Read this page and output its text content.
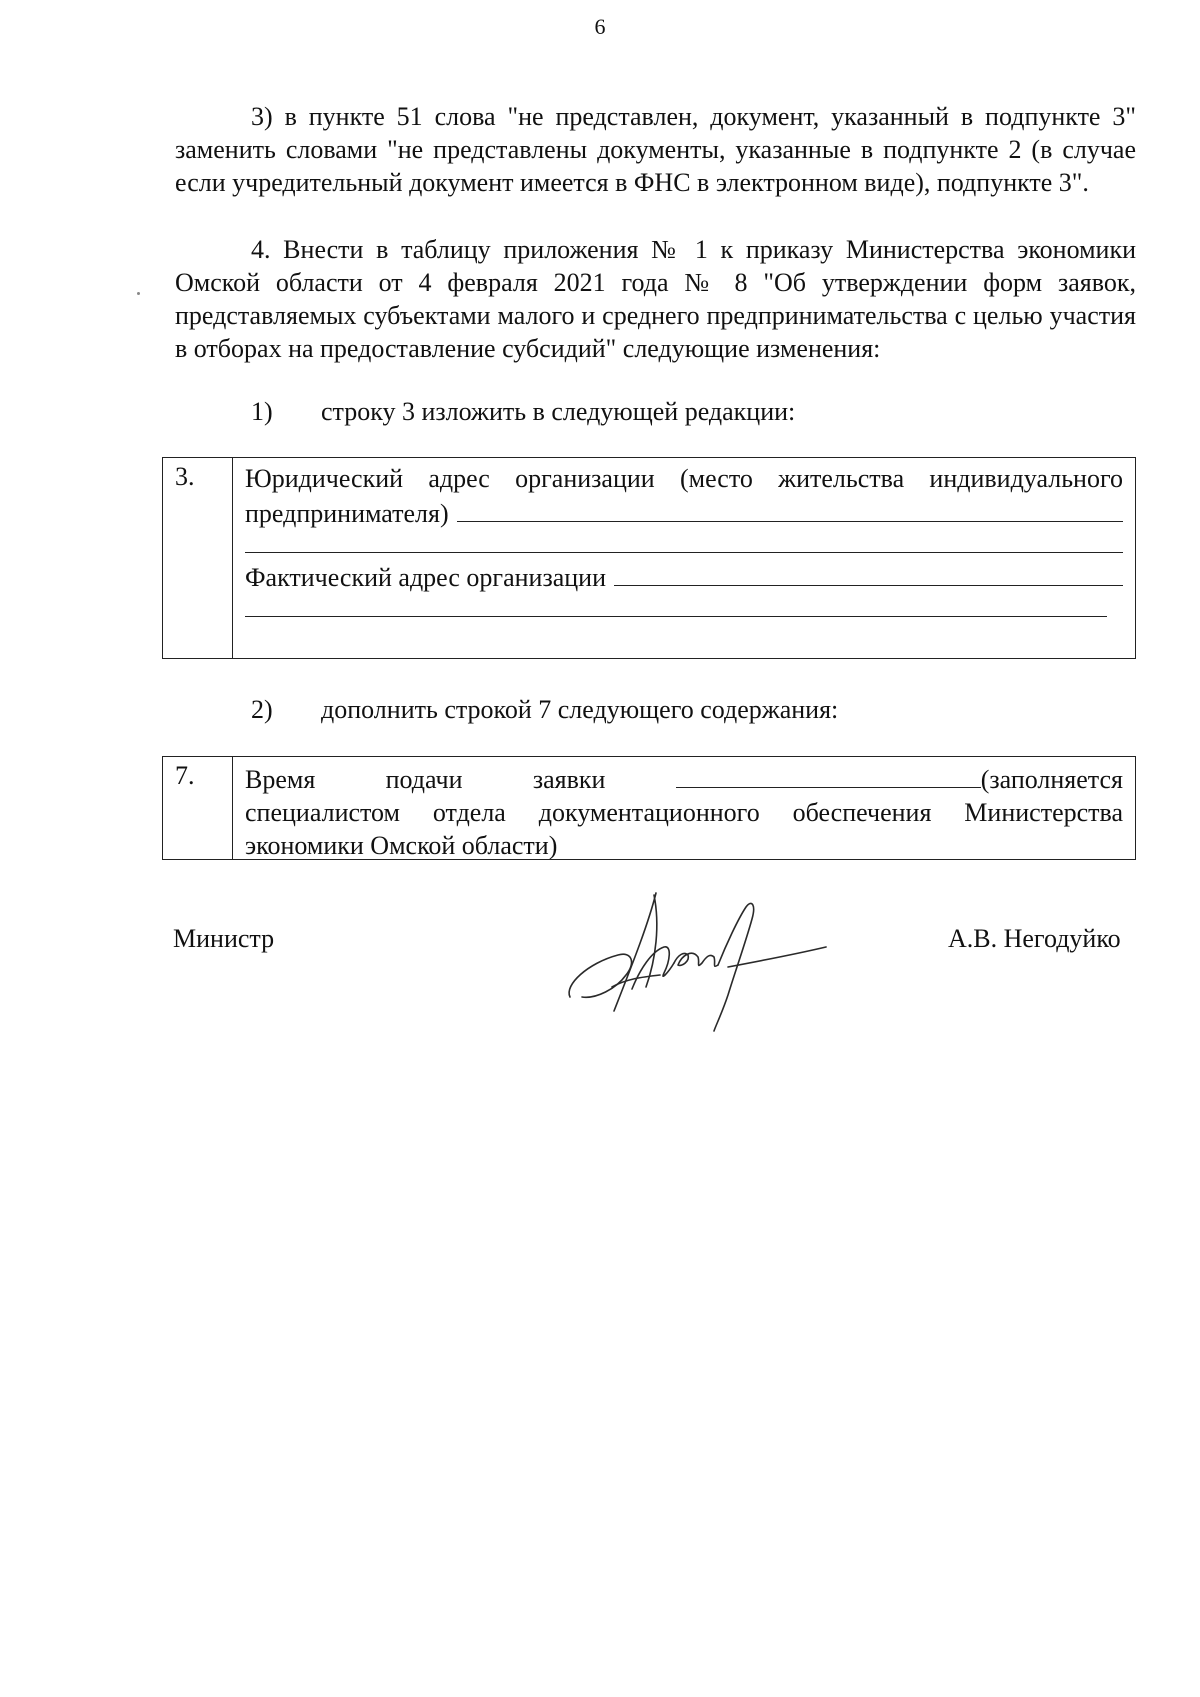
6

3) в пункте 51 слова "не представлен, документ, указанный в подпункте 3" заменить словами "не представлены документы, указанные в подпункте 2 (в случае если учредительный документ имеется в ФНС в электронном виде), подпункте 3".

4. Внести в таблицу приложения № 1 к приказу Министерства экономики Омской области от 4 февраля 2021 года № 8 "Об утверждении форм заявок, представляемых субъектами малого и среднего предпринимательства с целью участия в отборах на предоставление субсидий" следующие изменения:

1) строку 3 изложить в следующей редакции:
3.	Юридический адрес организации (место жительства индивидуального
предпринимателя)
Фактический адрес организации
2) дополнить строкой 7 следующего содержания:
7.	Время	подачи	заявки	(заполняется
специалистом отдела документационного обеспечения Министерства
экономики Омской области)
Министр	А.В. Негодуйко
